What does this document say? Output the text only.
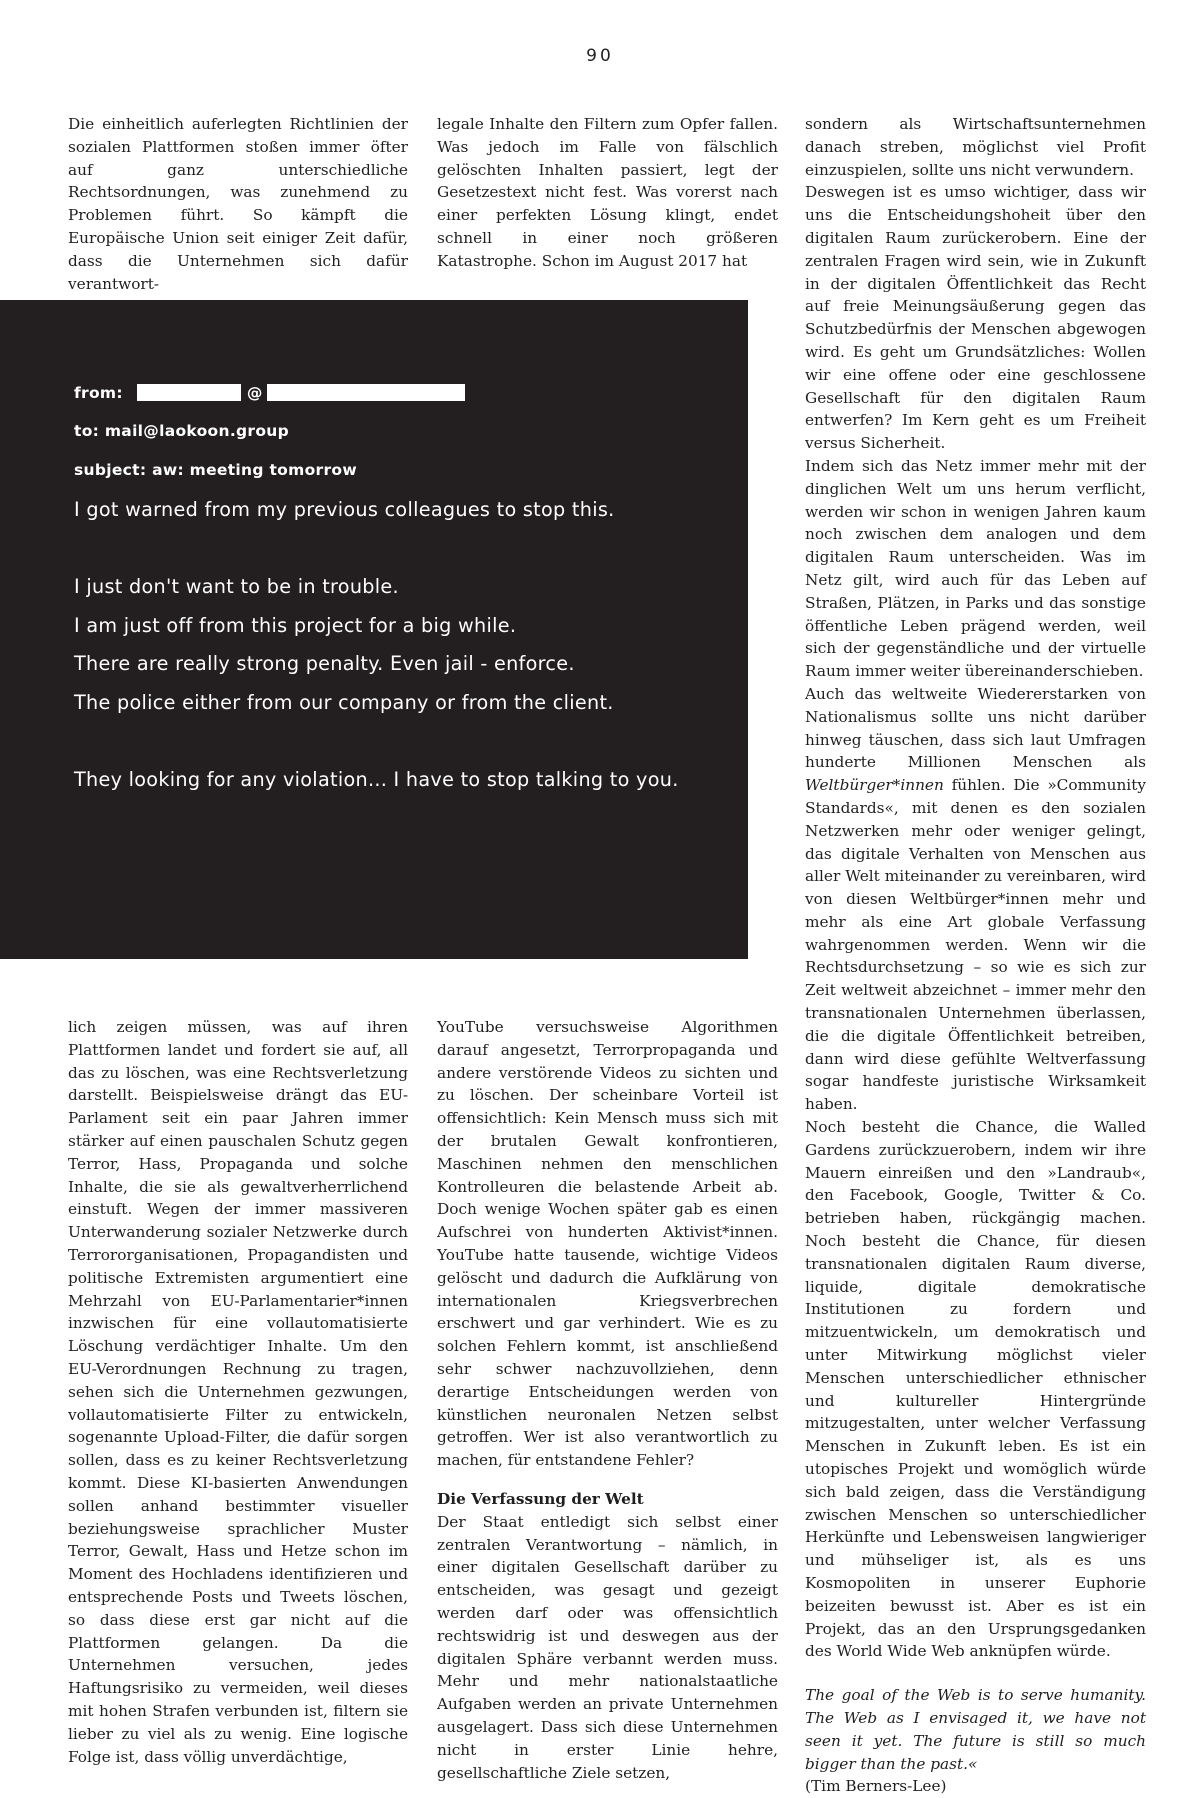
90

Die einheitlich auferlegten Richtlinien der sozialen Plattformen stoßen immer öfter auf ganz unterschiedliche Rechtsordnungen, was zunehmend zu Problemen führt. So kämpft die Europäische Union seit einiger Zeit dafür, dass die Unternehmen sich dafür verantwort-

legale Inhalte den Filtern zum Opfer fallen. Was jedoch im Falle von fälschlich gelöschten Inhalten passiert, legt der Gesetzestext nicht fest. Was vorerst nach einer perfekten Lösung klingt, endet schnell in einer noch größeren Katastrophe. Schon im August 2017 hat

sondern als Wirtschaftsunternehmen danach streben, möglichst viel Profit einzuspielen, sollte uns nicht verwundern.

Deswegen ist es umso wichtiger, dass wir uns die Entscheidungshoheit über den digitalen Raum zurückerobern. Eine der zentralen Fragen wird sein, wie in Zukunft in der digitalen Öffentlichkeit das Recht auf freie Meinungsäußerung gegen das Schutzbedürfnis der Menschen abgewogen wird. Es geht um Grundsätzliches: Wollen wir eine offene oder eine geschlossene Gesellschaft für den digitalen Raum entwerfen? Im Kern geht es um Freiheit versus Sicherheit.

Indem sich das Netz immer mehr mit der dinglichen Welt um uns herum verflicht, werden wir schon in wenigen Jahren kaum noch zwischen dem analogen und dem digitalen Raum unterscheiden. Was im Netz gilt, wird auch für das Leben auf Straßen, Plätzen, in Parks und das sonstige öffentliche Leben prägend werden, weil sich der gegenständliche und der virtuelle Raum immer weiter übereinanderschieben.

Auch das weltweite Wiedererstarken von Nationalismus sollte uns nicht darüber hinweg täuschen, dass sich laut Umfragen hunderte Millionen Menschen als Weltbürger*innen fühlen. Die »Community Standards«, mit denen es den sozialen Netzwerken mehr oder weniger gelingt, das digitale Verhalten von Menschen aus aller Welt miteinander zu vereinbaren, wird von diesen Weltbürger*innen mehr und mehr als eine Art globale Verfassung wahrgenommen werden. Wenn wir die Rechtsdurchsetzung – so wie es sich zur Zeit weltweit abzeichnet – immer mehr den transnationalen Unternehmen überlassen, die die digitale Öffentlichkeit betreiben, dann wird diese gefühlte Weltverfassung sogar handfeste juristische Wirksamkeit haben.

Noch besteht die Chance, die Walled Gardens zurückzuerobern, indem wir ihre Mauern einreißen und den »Landraub«, den Facebook, Google, Twitter & Co. betrieben haben, rückgängig machen. Noch besteht die Chance, für diesen transnationalen digitalen Raum diverse, liquide, digitale demokratische Institutionen zu fordern und mitzuentwickeln, um demokratisch und unter Mitwirkung möglichst vieler Menschen unterschiedlicher ethnischer und kultureller Hintergründe mitzugestalten, unter welcher Verfassung Menschen in Zukunft leben. Es ist ein utopisches Projekt und womöglich würde sich bald zeigen, dass die Verständigung zwischen Menschen so unterschiedlicher Herkünfte und Lebensweisen langwieriger und mühseliger ist, als es uns Kosmopoliten in unserer Euphorie beizeiten bewusst ist. Aber es ist ein Projekt, das an den Ursprungsgedanken des World Wide Web anknüpfen würde.

The goal of the Web is to serve humanity. The Web as I envisaged it, we have not seen it yet. The future is still so much bigger than the past.«
(Tim Berners-Lee)

from:	@
to: mail@laokoon.group
subject: aw: meeting tomorrow
I got warned from my previous colleagues to stop this.
I just don't want to be in trouble.
I am just off from this project for a big while.
There are really strong penalty. Even jail - enforce.
The police either from our company or from the client.
They looking for any violation... I have to stop talking to you.

lich zeigen müssen, was auf ihren Plattformen landet und fordert sie auf, all das zu löschen, was eine Rechtsverletzung darstellt. Beispielsweise drängt das EU-Parlament seit ein paar Jahren immer stärker auf einen pauschalen Schutz gegen Terror, Hass, Propaganda und solche Inhalte, die sie als gewaltverherrlichend einstuft. Wegen der immer massiveren Unterwanderung sozialer Netzwerke durch Terrororganisationen, Propagandisten und politische Extremisten argumentiert eine Mehrzahl von EU-Parlamentarier*innen inzwischen für eine vollautomatisierte Löschung verdächtiger Inhalte. Um den EU-Verordnungen Rechnung zu tragen, sehen sich die Unternehmen gezwungen, vollautomatisierte Filter zu entwickeln, sogenannte Upload-Filter, die dafür sorgen sollen, dass es zu keiner Rechtsverletzung kommt. Diese KI-basierten Anwendungen sollen anhand bestimmter visueller beziehungsweise sprachlicher Muster Terror, Gewalt, Hass und Hetze schon im Moment des Hochladens identifizieren und entsprechende Posts und Tweets löschen, so dass diese erst gar nicht auf die Plattformen gelangen. Da die Unternehmen versuchen, jedes Haftungsrisiko zu vermeiden, weil dieses mit hohen Strafen verbunden ist, filtern sie lieber zu viel als zu wenig. Eine logische Folge ist, dass völlig unverdächtige,

YouTube versuchsweise Algorithmen darauf angesetzt, Terrorpropaganda und andere verstörende Videos zu sichten und zu löschen. Der scheinbare Vorteil ist offensichtlich: Kein Mensch muss sich mit der brutalen Gewalt konfrontieren, Maschinen nehmen den menschlichen Kontrolleuren die belastende Arbeit ab. Doch wenige Wochen später gab es einen Aufschrei von hunderten Aktivist*innen. YouTube hatte tausende, wichtige Videos gelöscht und dadurch die Aufklärung von internationalen Kriegsverbrechen erschwert und gar verhindert. Wie es zu solchen Fehlern kommt, ist anschließend sehr schwer nachzuvollziehen, denn derartige Entscheidungen werden von künstlichen neuronalen Netzen selbst getroffen. Wer ist also verantwortlich zu machen, für entstandene Fehler?

Die Verfassung der Welt

Der Staat entledigt sich selbst einer zentralen Verantwortung – nämlich, in einer digitalen Gesellschaft darüber zu entscheiden, was gesagt und gezeigt werden darf oder was offensichtlich rechtswidrig ist und deswegen aus der digitalen Sphäre verbannt werden muss. Mehr und mehr nationalstaatliche Aufgaben werden an private Unternehmen ausgelagert. Dass sich diese Unternehmen nicht in erster Linie hehre, gesellschaftliche Ziele setzen,
